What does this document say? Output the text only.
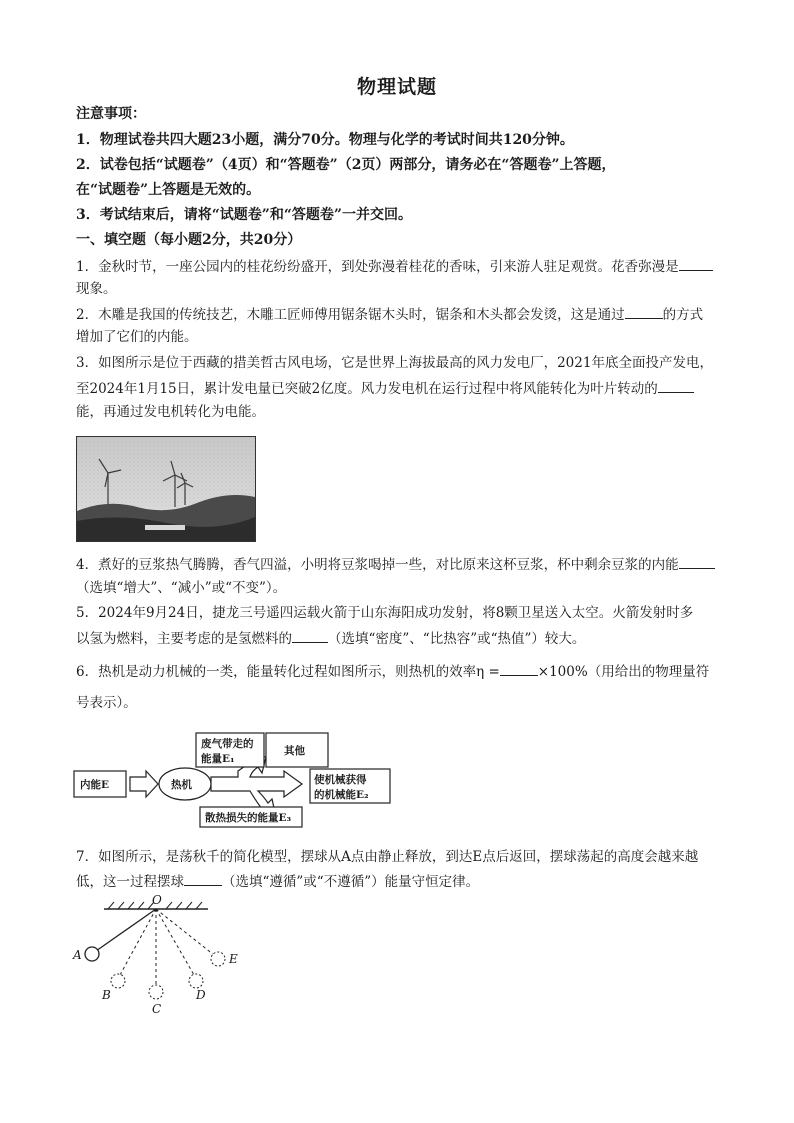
物理试题
注意事项：
1．物理试卷共四大题23小题，满分70分。物理与化学的考试时间共120分钟。
2．试卷包括“试题卷”（4页）和“答题卷”（2页）两部分，请务必在“答题卷”上答题，
在“试题卷”上答题是无效的。
3．考试结束后，请将“试题卷”和“答题卷”一并交回。
一、填空题（每小题2分，共20分）
1．金秋时节，一座公园内的桂花纷纷盛开，到处弥漫着桂花的香味，引来游人驻足观赏。花香弥漫是
现象。
2．木雕是我国的传统技艺，木雕工匠师傅用锯条锯木头时，锯条和木头都会发烫，这是通过	的方式
增加了它们的内能。
3．如图所示是位于西藏的措美哲古风电场，它是世界上海拔最高的风力发电厂，2021年底全面投产发电，
至2024年1月15日，累计发电量已突破2亿度。风力发电机在运行过程中将风能转化为叶片转动的
能，再通过发电机转化为电能。
4．煮好的豆浆热气腾腾，香气四溢，小明将豆浆喝掉一些，对比原来这杯豆浆，杯中剩余豆浆的内能
（选填“增大”、“减小”或“不变”）。
5．2024年9月24日，捷龙三号遥四运载火箭于山东海阳成功发射，将8颗卫星送入太空。火箭发射时多
以氢为燃料，主要考虑的是氢燃料的	（选填“密度”、“比热容”或“热值”）较大。
6．热机是动力机械的一类，能量转化过程如图所示，则热机的效率η =	×100%（用给出的物理量符
号表示）。
内能E	热机
废气带走的
能量E₁
其他
使机械获得
的机械能E₂
散热损失的能量E₃
7．如图所示，是荡秋千的简化模型，摆球从A点由静止释放，到达E点后返回，摆球荡起的高度会越来越
低，这一过程摆球	（选填“遵循”或“不遵循”）能量守恒定律。
O
A
B
C
D
E
